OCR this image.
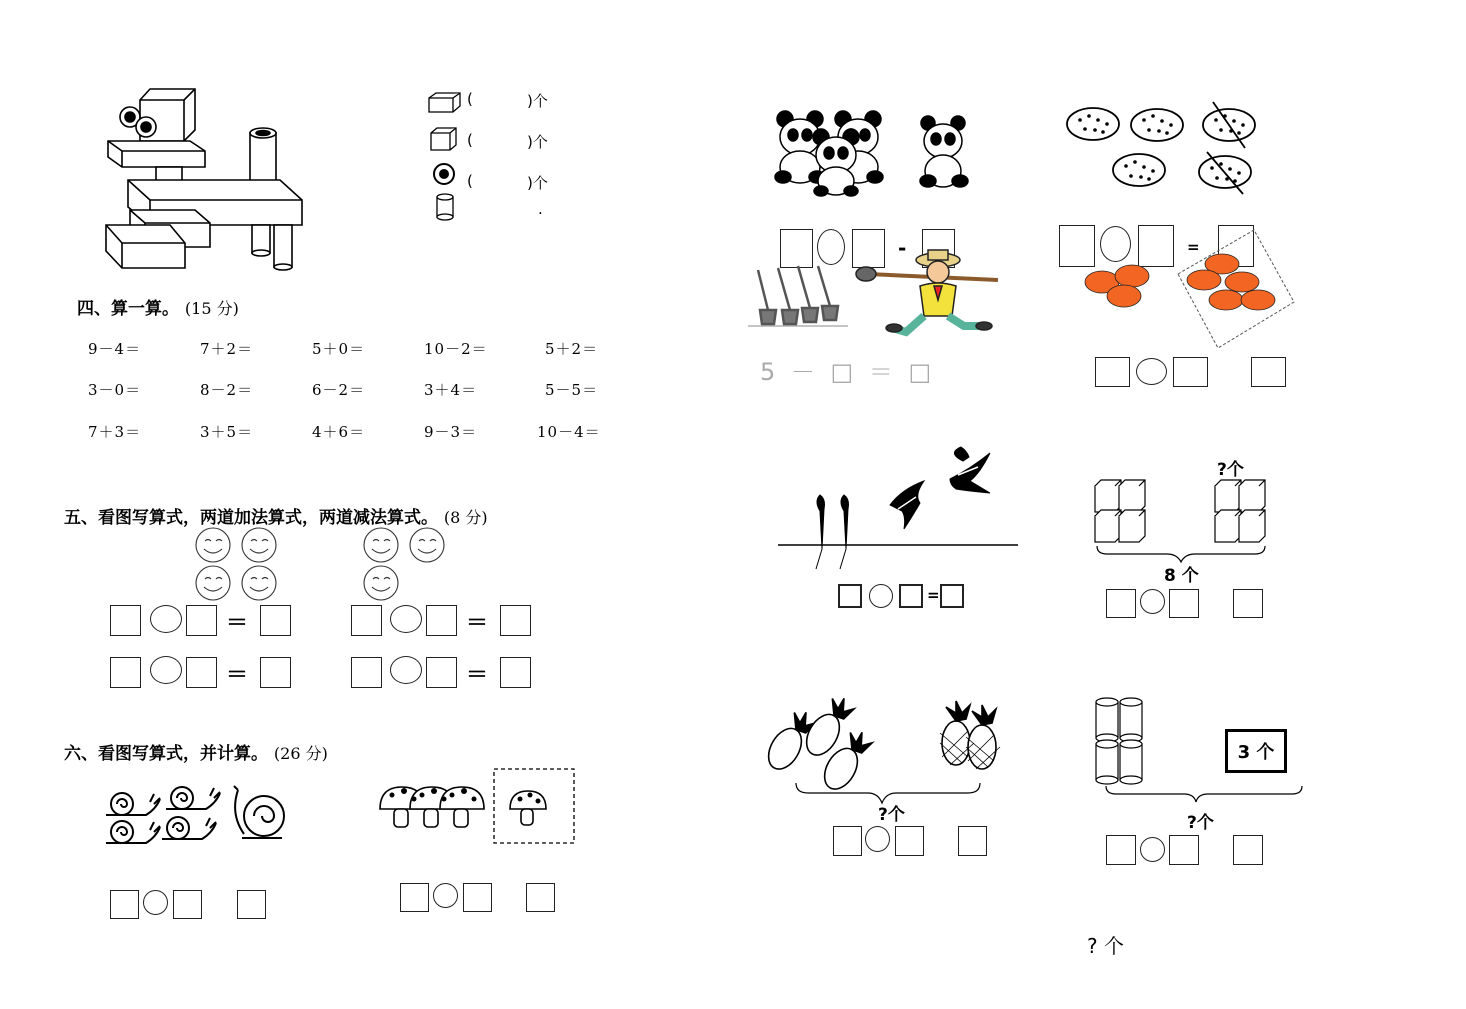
(	)个
(	)个
(	)个
.
四、算一算。 (15 分)
9－4＝	7＋2＝	5＋0＝	10－2＝	5＋2＝
3－0＝	8－2＝	6－2＝	3＋4＝	5－5＝
7＋3＝	3＋5＝	4＋6＝	9－3＝	10－4＝
五、看图写算式，两道加法算式，两道减法算式。 (8 分)
＝	＝
＝	＝
六、看图写算式，并计算。 (26 分)
-
5 － □ ＝ □
=
=
?个
8 个
?个
3 个
?个
? 个
